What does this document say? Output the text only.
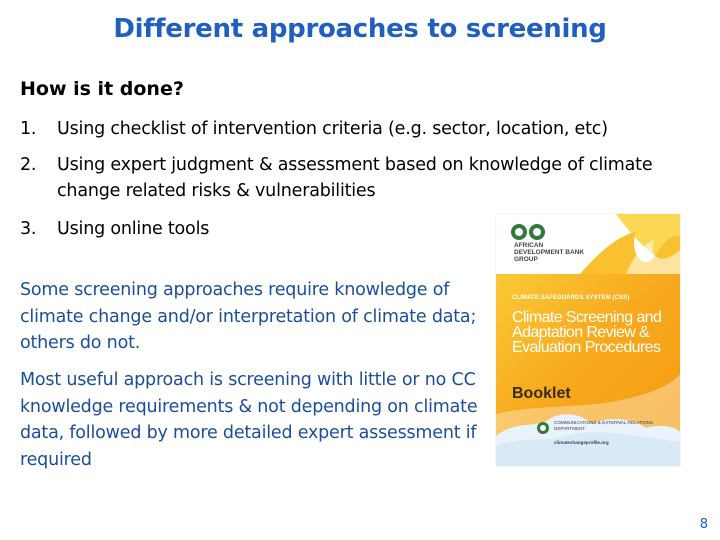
Different approaches to screening
How is it done?
1. Using checklist of intervention criteria (e.g. sector, location, etc)
2. Using expert judgment & assessment based on knowledge of climate change related risks & vulnerabilities
3. Using online tools
Some screening approaches require knowledge of climate change and/or interpretation of climate data; others do not.
Most useful approach is screening with little or no CC knowledge requirements & not depending on climate data, followed by more detailed expert assessment if required
AFRICAN DEVELOPMENT BANK GROUP
CLIMATE SAFEGUARDS SYSTEM (CSS)
Climate Screening and Adaptation Review & Evaluation Procedures
Booklet
COMMUNICATIONS & EXTERNAL RELATIONS DEPARTMENT
climatechangeprofile.org
8
